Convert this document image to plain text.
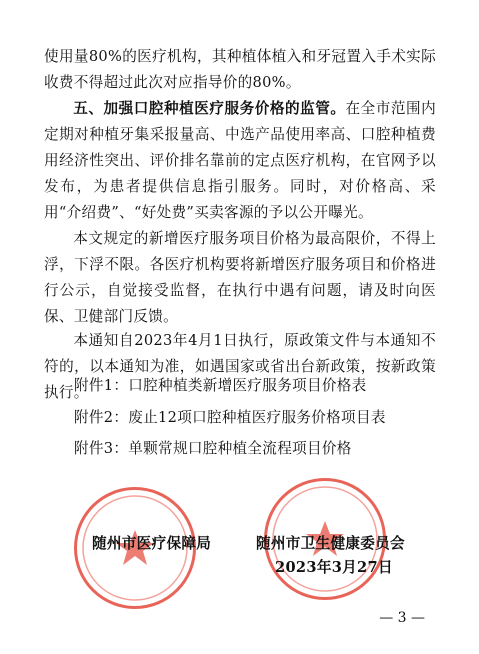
使用量80%的医疗机构，其种植体植入和牙冠置入手术实际收费不得超过此次对应指导价的80%。

五、加强口腔种植医疗服务价格的监管。在全市范围内定期对种植牙集采报量高、中选产品使用率高、口腔种植费用经济性突出、评价排名靠前的定点医疗机构，在官网予以发布，为患者提供信息指引服务。同时，对价格高、采用“介绍费”、“好处费”买卖客源的予以公开曝光。

本文规定的新增医疗服务项目价格为最高限价，不得上浮，下浮不限。各医疗机构要将新增医疗服务项目和价格进行公示，自觉接受监督，在执行中遇有问题，请及时向医保、卫健部门反馈。

本通知自2023年4月1日执行，原政策文件与本通知不符的，以本通知为准，如遇国家或省出台新政策，按新政策执行。

附件1：口腔种植类新增医疗服务项目价格表

附件2：废止12项口腔种植医疗服务价格项目表

附件3：单颗常规口腔种植全流程项目价格

随州市医疗保障局	随州市卫生健康委员会

2023年3月27日

— 3 —
